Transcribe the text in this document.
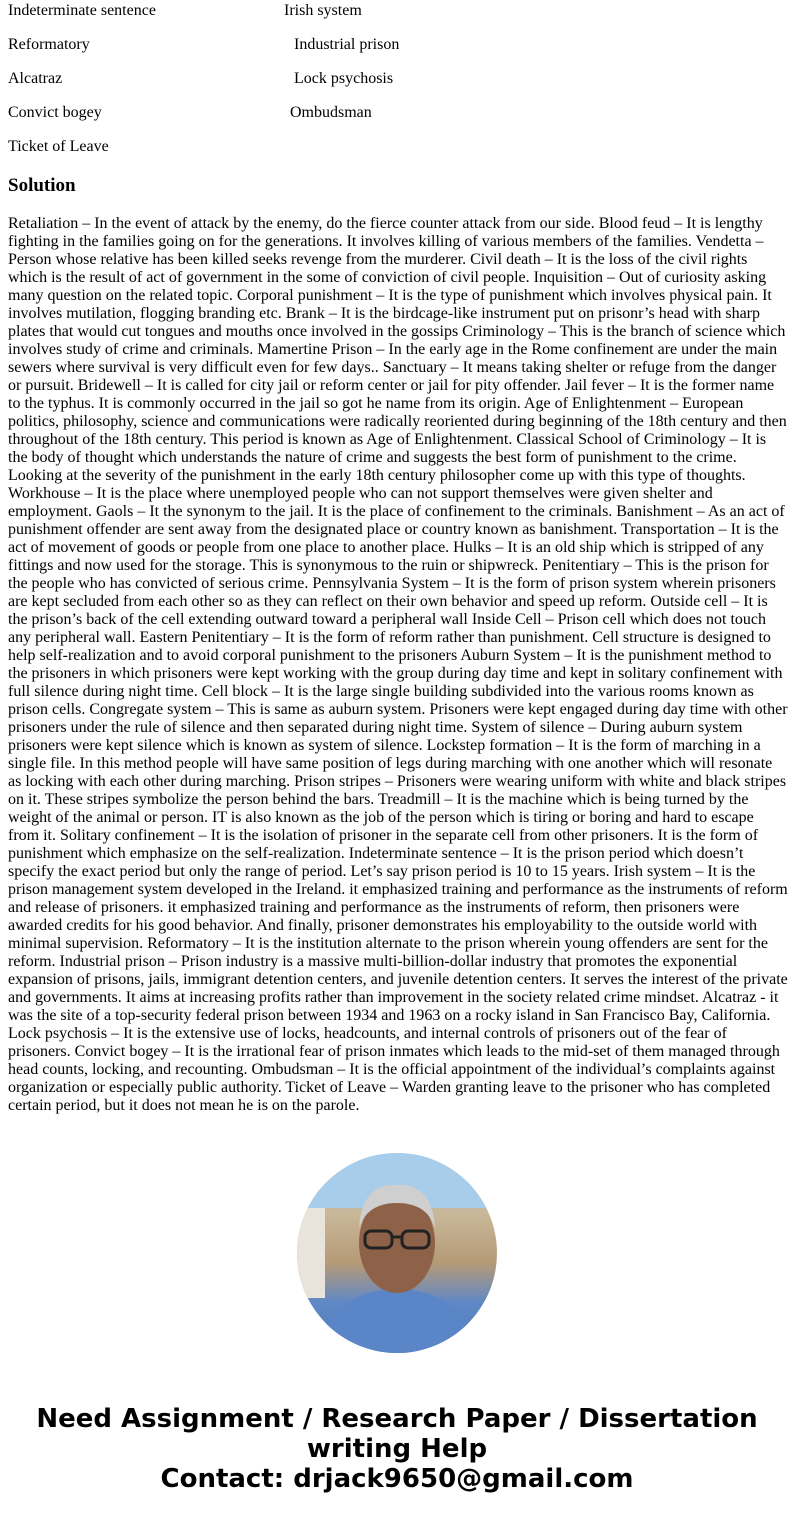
Indeterminate sentence	Irish system
Reformatory	Industrial prison
Alcatraz	Lock psychosis
Convict bogey	Ombudsman
Ticket of Leave
Solution

Retaliation – In the event of attack by the enemy, do the fierce counter attack from our side. Blood feud – It is lengthy fighting in the families going on for the generations. It involves killing of various members of the families. Vendetta – Person whose relative has been killed seeks revenge from the murderer. Civil death – It is the loss of the civil rights which is the result of act of government in the some of conviction of civil people. Inquisition – Out of curiosity asking many question on the related topic. Corporal punishment – It is the type of punishment which involves physical pain. It involves mutilation, flogging branding etc. Brank – It is the birdcage-like instrument put on prisonr’s head with sharp plates that would cut tongues and mouths once involved in the gossips Criminology – This is the branch of science which involves study of crime and criminals. Mamertine Prison – In the early age in the Rome confinement are under the main sewers where survival is very difficult even for few days.. Sanctuary – It means taking shelter or refuge from the danger or pursuit. Bridewell – It is called for city jail or reform center or jail for pity offender. Jail fever – It is the former name to the typhus. It is commonly occurred in the jail so got he name from its origin. Age of Enlightenment – European politics, philosophy, science and communications were radically reoriented during beginning of the 18th century and then throughout of the 18th century. This period is known as Age of Enlightenment. Classical School of Criminology – It is the body of thought which understands the nature of crime and suggests the best form of punishment to the crime. Looking at the severity of the punishment in the early 18th century philosopher come up with this type of thoughts. Workhouse – It is the place where unemployed people who can not support themselves were given shelter and employment. Gaols – It the synonym to the jail. It is the place of confinement to the criminals. Banishment – As an act of punishment offender are sent away from the designated place or country known as banishment. Transportation – It is the act of movement of goods or people from one place to another place. Hulks – It is an old ship which is stripped of any fittings and now used for the storage. This is synonymous to the ruin or shipwreck. Penitentiary – This is the prison for the people who has convicted of serious crime. Pennsylvania System – It is the form of prison system wherein prisoners are kept secluded from each other so as they can reflect on their own behavior and speed up reform. Outside cell – It is the prison’s back of the cell extending outward toward a peripheral wall Inside Cell – Prison cell which does not touch any peripheral wall. Eastern Penitentiary – It is the form of reform rather than punishment. Cell structure is designed to help self-realization and to avoid corporal punishment to the prisoners Auburn System – It is the punishment method to the prisoners in which prisoners were kept working with the group during day time and kept in solitary confinement with full silence during night time. Cell block – It is the large single building subdivided into the various rooms known as prison cells. Congregate system – This is same as auburn system. Prisoners were kept engaged during day time with other prisoners under the rule of silence and then separated during night time. System of silence – During auburn system prisoners were kept silence which is known as system of silence. Lockstep formation – It is the form of marching in a single file. In this method people will have same position of legs during marching with one another which will resonate as locking with each other during marching. Prison stripes – Prisoners were wearing uniform with white and black stripes on it. These stripes symbolize the person behind the bars. Treadmill – It is the machine which is being turned by the weight of the animal or person. IT is also known as the job of the person which is tiring or boring and hard to escape from it. Solitary confinement – It is the isolation of prisoner in the separate cell from other prisoners. It is the form of punishment which emphasize on the self-realization. Indeterminate sentence – It is the prison period which doesn’t specify the exact period but only the range of period. Let’s say prison period is 10 to 15 years. Irish system – It is the prison management system developed in the Ireland. it emphasized training and performance as the instruments of reform and release of prisoners. it emphasized training and performance as the instruments of reform, then prisoners were awarded credits for his good behavior. And finally, prisoner demonstrates his employability to the outside world with minimal supervision. Reformatory – It is the institution alternate to the prison wherein young offenders are sent for the reform. Industrial prison – Prison industry is a massive multi-billion-dollar industry that promotes the exponential expansion of prisons, jails, immigrant detention centers, and juvenile detention centers. It serves the interest of the private and governments. It aims at increasing profits rather than improvement in the society related crime mindset. Alcatraz - it was the site of a top-security federal prison between 1934 and 1963 on a rocky island in San Francisco Bay, California. Lock psychosis – It is the extensive use of locks, headcounts, and internal controls of prisoners out of the fear of prisoners. Convict bogey – It is the irrational fear of prison inmates which leads to the mid-set of them managed through head counts, locking, and recounting. Ombudsman – It is the official appointment of the individual’s complaints against organization or especially public authority. Ticket of Leave – Warden granting leave to the prisoner who has completed certain period, but it does not mean he is on the parole.

Need Assignment / Research Paper / Dissertation
writing Help
Contact: drjack9650@gmail.com
